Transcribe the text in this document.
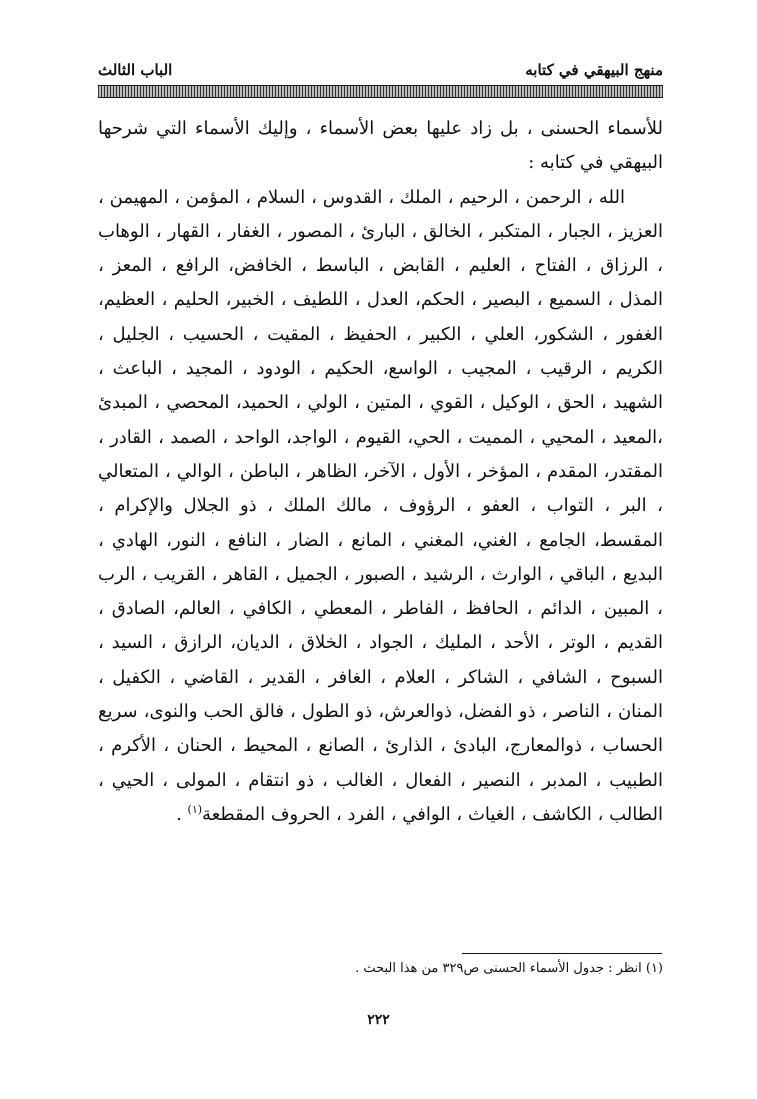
منهج البيهقي في كتابه
الباب الثالث

للأسماء الحسنى ، بل زاد عليها بعض الأسماء ، وإليك الأسماء التي شرحها البيهقي في كتابه :

الله ، الرحمن ، الرحيم ، الملك ، القدوس ، السلام ، المؤمن ، المهيمن ، العزيز ، الجبار ، المتكبر ، الخالق ، البارئ ، المصور ، الغفار ، القهار ، الوهاب ، الرزاق ، الفتاح ، العليم ، القابض ، الباسط ، الخافض، الرافع ، المعز ، المذل ، السميع ، البصير ، الحكم، العدل ، اللطيف ، الخبير، الحليم ، العظيم، الغفور ، الشكور، العلي ، الكبير ، الحفيظ ، المقيت ، الحسيب ، الجليل ، الكريم ، الرقيب ، المجيب ، الواسع، الحكيم ، الودود ، المجيد ، الباعث ، الشهيد ، الحق ، الوكيل ، القوي ، المتين ، الولي ، الحميد، المحصي ، المبدئ ،المعيد ، المحيي ، المميت ، الحي، القيوم ، الواجد، الواحد ، الصمد ، القادر ، المقتدر، المقدم ، المؤخر ، الأول ، الآخر، الظاهر ، الباطن ، الوالي ، المتعالي ، البر ، التواب ، العفو ، الرؤوف ، مالك الملك ، ذو الجلال والإكرام ، المقسط، الجامع ، الغني، المغني ، المانع ، الضار ، النافع ، النور، الهادي ، البديع ، الباقي ، الوارث ، الرشيد ، الصبور ، الجميل ، القاهر ، القريب ، الرب ، المبين ، الدائم ، الحافظ ، الفاطر ، المعطي ، الكافي ، العالم، الصادق ، القديم ، الوتر ، الأحد ، المليك ، الجواد ، الخلاق ، الديان، الرازق ، السيد ، السبوح ، الشافي ، الشاكر ، العلام ، الغافر ، القدير ، القاضي ، الكفيل ، المنان ، الناصر ، ذو الفضل، ذوالعرش، ذو الطول ، فالق الحب والنوى، سريع الحساب ، ذوالمعارج، البادئ ، الذارئ ، الصانع ، المحيط ، الحنان ، الأكرم ، الطبيب ، المدبر ، النصير ، الفعال ، الغالب ، ذو انتقام ، المولى ، الحيي ، الطالب ، الكاشف ، الغياث ، الوافي ، الفرد ، الحروف المقطعة$^{(١)}$ .

(١) انظر : جدول الأسماء الحسنى ص٣٢٩ من هذا البحث .
٢٢٢
